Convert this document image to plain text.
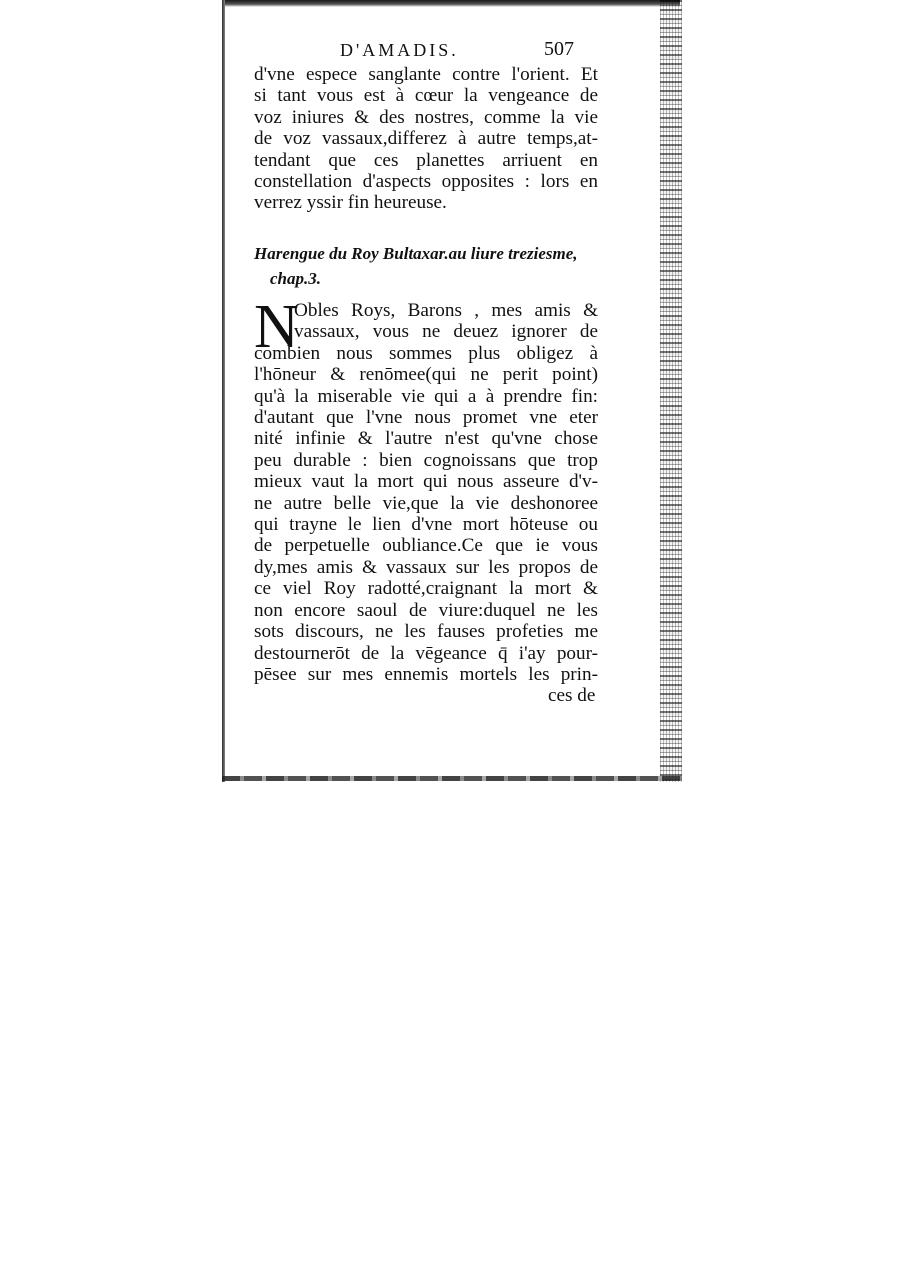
D'AMADIS.	507
d'vne espece sanglante contre l'orient. Et
si tant vous est à cœur la vengeance de
voz iniures & des nostres, comme la vie
de voz vassaux,differez à autre temps,at-
tendant que ces planettes arriuent en
constellation d'aspects opposites : lors en
verrez yssir fin heureuse.
Harengue du Roy Bultaxar.au liure treziesme,
chap.3.
N
Obles Roys, Barons , mes amis &
vassaux, vous ne deuez ignorer de
combien nous sommes plus obligez à
l'hōneur & renōmee(qui ne perit point)
qu'à la miserable vie qui a à prendre fin:
d'autant que l'vne nous promet vne eter
nité infinie & l'autre n'est qu'vne chose
peu durable : bien cognoissans que trop
mieux vaut la mort qui nous asseure d'v-
ne autre belle vie,que la vie deshonoree
qui trayne le lien d'vne mort hōteuse ou
de perpetuelle oubliance.Ce que ie vous
dy,mes amis & vassaux sur les propos de
ce viel Roy radotté,craignant la mort &
non encore saoul de viure:duquel ne les
sots discours, ne les fauses profeties me
destournerōt de la vēgeance q̄ i'ay pour-
pēsee sur mes ennemis mortels les prin-
ces de
